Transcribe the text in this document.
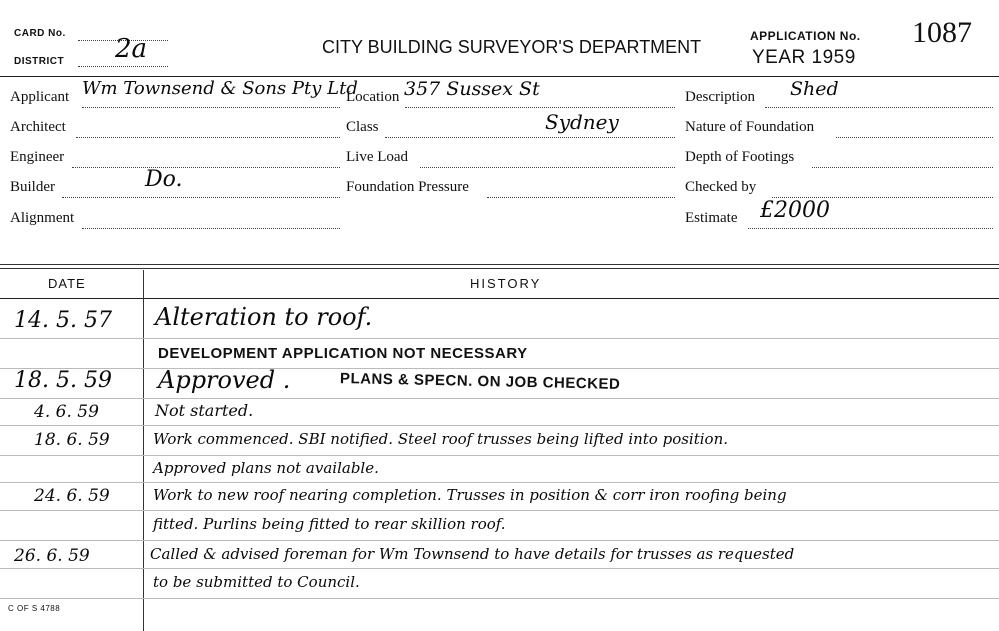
CARD No.
DISTRICT 2a	CITY BUILDING SURVEYOR'S DEPARTMENT
APPLICATION No. 1087
YEAR 1959
Applicant Wm Townsend & Sons Pty Ltd
Architect
Engineer
Builder	Do.
Alignment
Location 357 Sussex St
Class	Sydney
Live Load
Foundation Pressure
Description Shed
Nature of Foundation
Depth of Footings
Checked by
Estimate £2000
DATE	HISTORY
14. 5. 57 Alteration to roof.
DEVELOPMENT APPLICATION NOT NECESSARY
18. 5. 59 Approved .	PLANS & SPECN. ON JOB CHECKED
4. 6. 59	Not started.
18. 6. 59	Work commenced. SBI notified. Steel roof trusses being lifted into position.
Approved plans not available.
24. 6. 59	Work to new roof nearing completion. Trusses in position & corr iron roofing being
fitted. Purlins being fitted to rear skillion roof.
26. 6. 59	Called & advised foreman for Wm Townsend to have details for trusses as requested
to be submitted to Council.
C OF S 4788
